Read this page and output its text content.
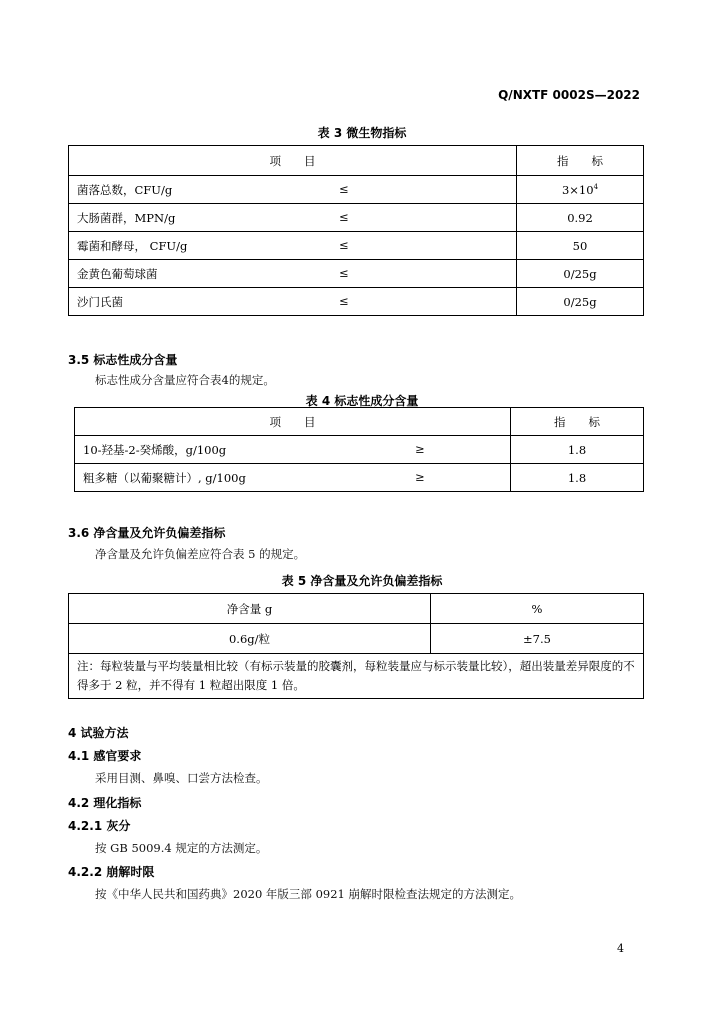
Q/NXTF 0002S—2022
表 3 微生物指标
项　　目	指　　标
菌落总数，CFU/g ≤	$3\times 10^4$
大肠菌群，MPN/g ≤	0.92
霉菌和酵母， CFU/g ≤	50
金黄色葡萄球菌 ≤	0/25g
沙门氏菌 ≤	0/25g
3.5 标志性成分含量
标志性成分含量应符合表4的规定。
表 4 标志性成分含量
项　　目	指　　标
10-羟基-2-癸烯酸，g/100g ≥	1.8
粗多糖（以葡聚糖计）, g/100g ≥	1.8
3.6 净含量及允许负偏差指标
净含量及允许负偏差应符合表 5 的规定。
表 5 净含量及允许负偏差指标
净含量 g	%
0.6g/粒	±7.5
注：每粒装量与平均装量相比较（有标示装量的胶囊剂，每粒装量应与标示装量比较），超出装量差异限度的不得多于 2 粒，并不得有 1 粒超出限度 1 倍。	
4 试验方法
4.1 感官要求
采用目测、鼻嗅、口尝方法检查。
4.2 理化指标
4.2.1 灰分
按 GB 5009.4 规定的方法测定。
4.2.2 崩解时限
按《中华人民共和国药典》2020 年版三部 0921 崩解时限检查法规定的方法测定。
4
